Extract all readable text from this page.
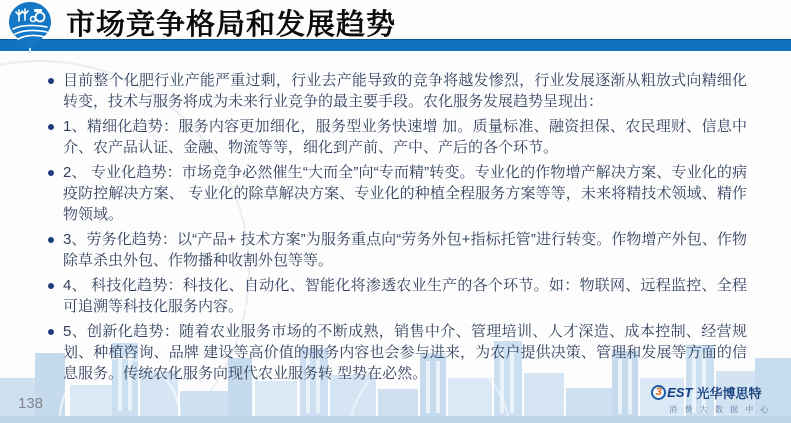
市场竞争格局和发展趋势
目前整个化肥行业产能严重过剩，行业去产能导致的竞争将越发惨烈，行业发展逐渐从粗放式向精细化转变，技术与服务将成为未来行业竞争的最主要手段。农化服务发展趋势呈现出：
1、精细化趋势：服务内容更加细化，服务型业务快速增 加。质量标准、融资担保、农民理财、信息中介、农产品认证、金融、物流等等，细化到产前、产中、产后的各个环节。
2、 专业化趋势：市场竞争必然催生“大而全”向“专而精”转变。专业化的作物增产解决方案、专业化的病疫防控解决方案、 专业化的除草解决方案、专业化的种植全程服务方案等等，未来将精技术领域、精作物领域。
3、劳务化趋势：以“产品+ 技术方案”为服务重点向“劳务外包+指标托管”进行转变。作物增产外包、作物除草杀虫外包、作物播种收割外包等等。
4、 科技化趋势：科技化、自动化、智能化将渗透农业生产的各个环节。如：物联网、远程监控、全程可追溯等科技化服务内容。
5、创新化趋势：随着农业服务市场的不断成熟，销售中介、管理培训、人才深造、成本控制、经营规划、种植咨询、品牌 建设等高价值的服务内容也会参与进来，为农户提供决策、管理和发展等方面的信息服务。传统农化服务向现代农业服务转 型势在必然。
138
3 EST 光华博思特
消 费 大 数 据 中 心
